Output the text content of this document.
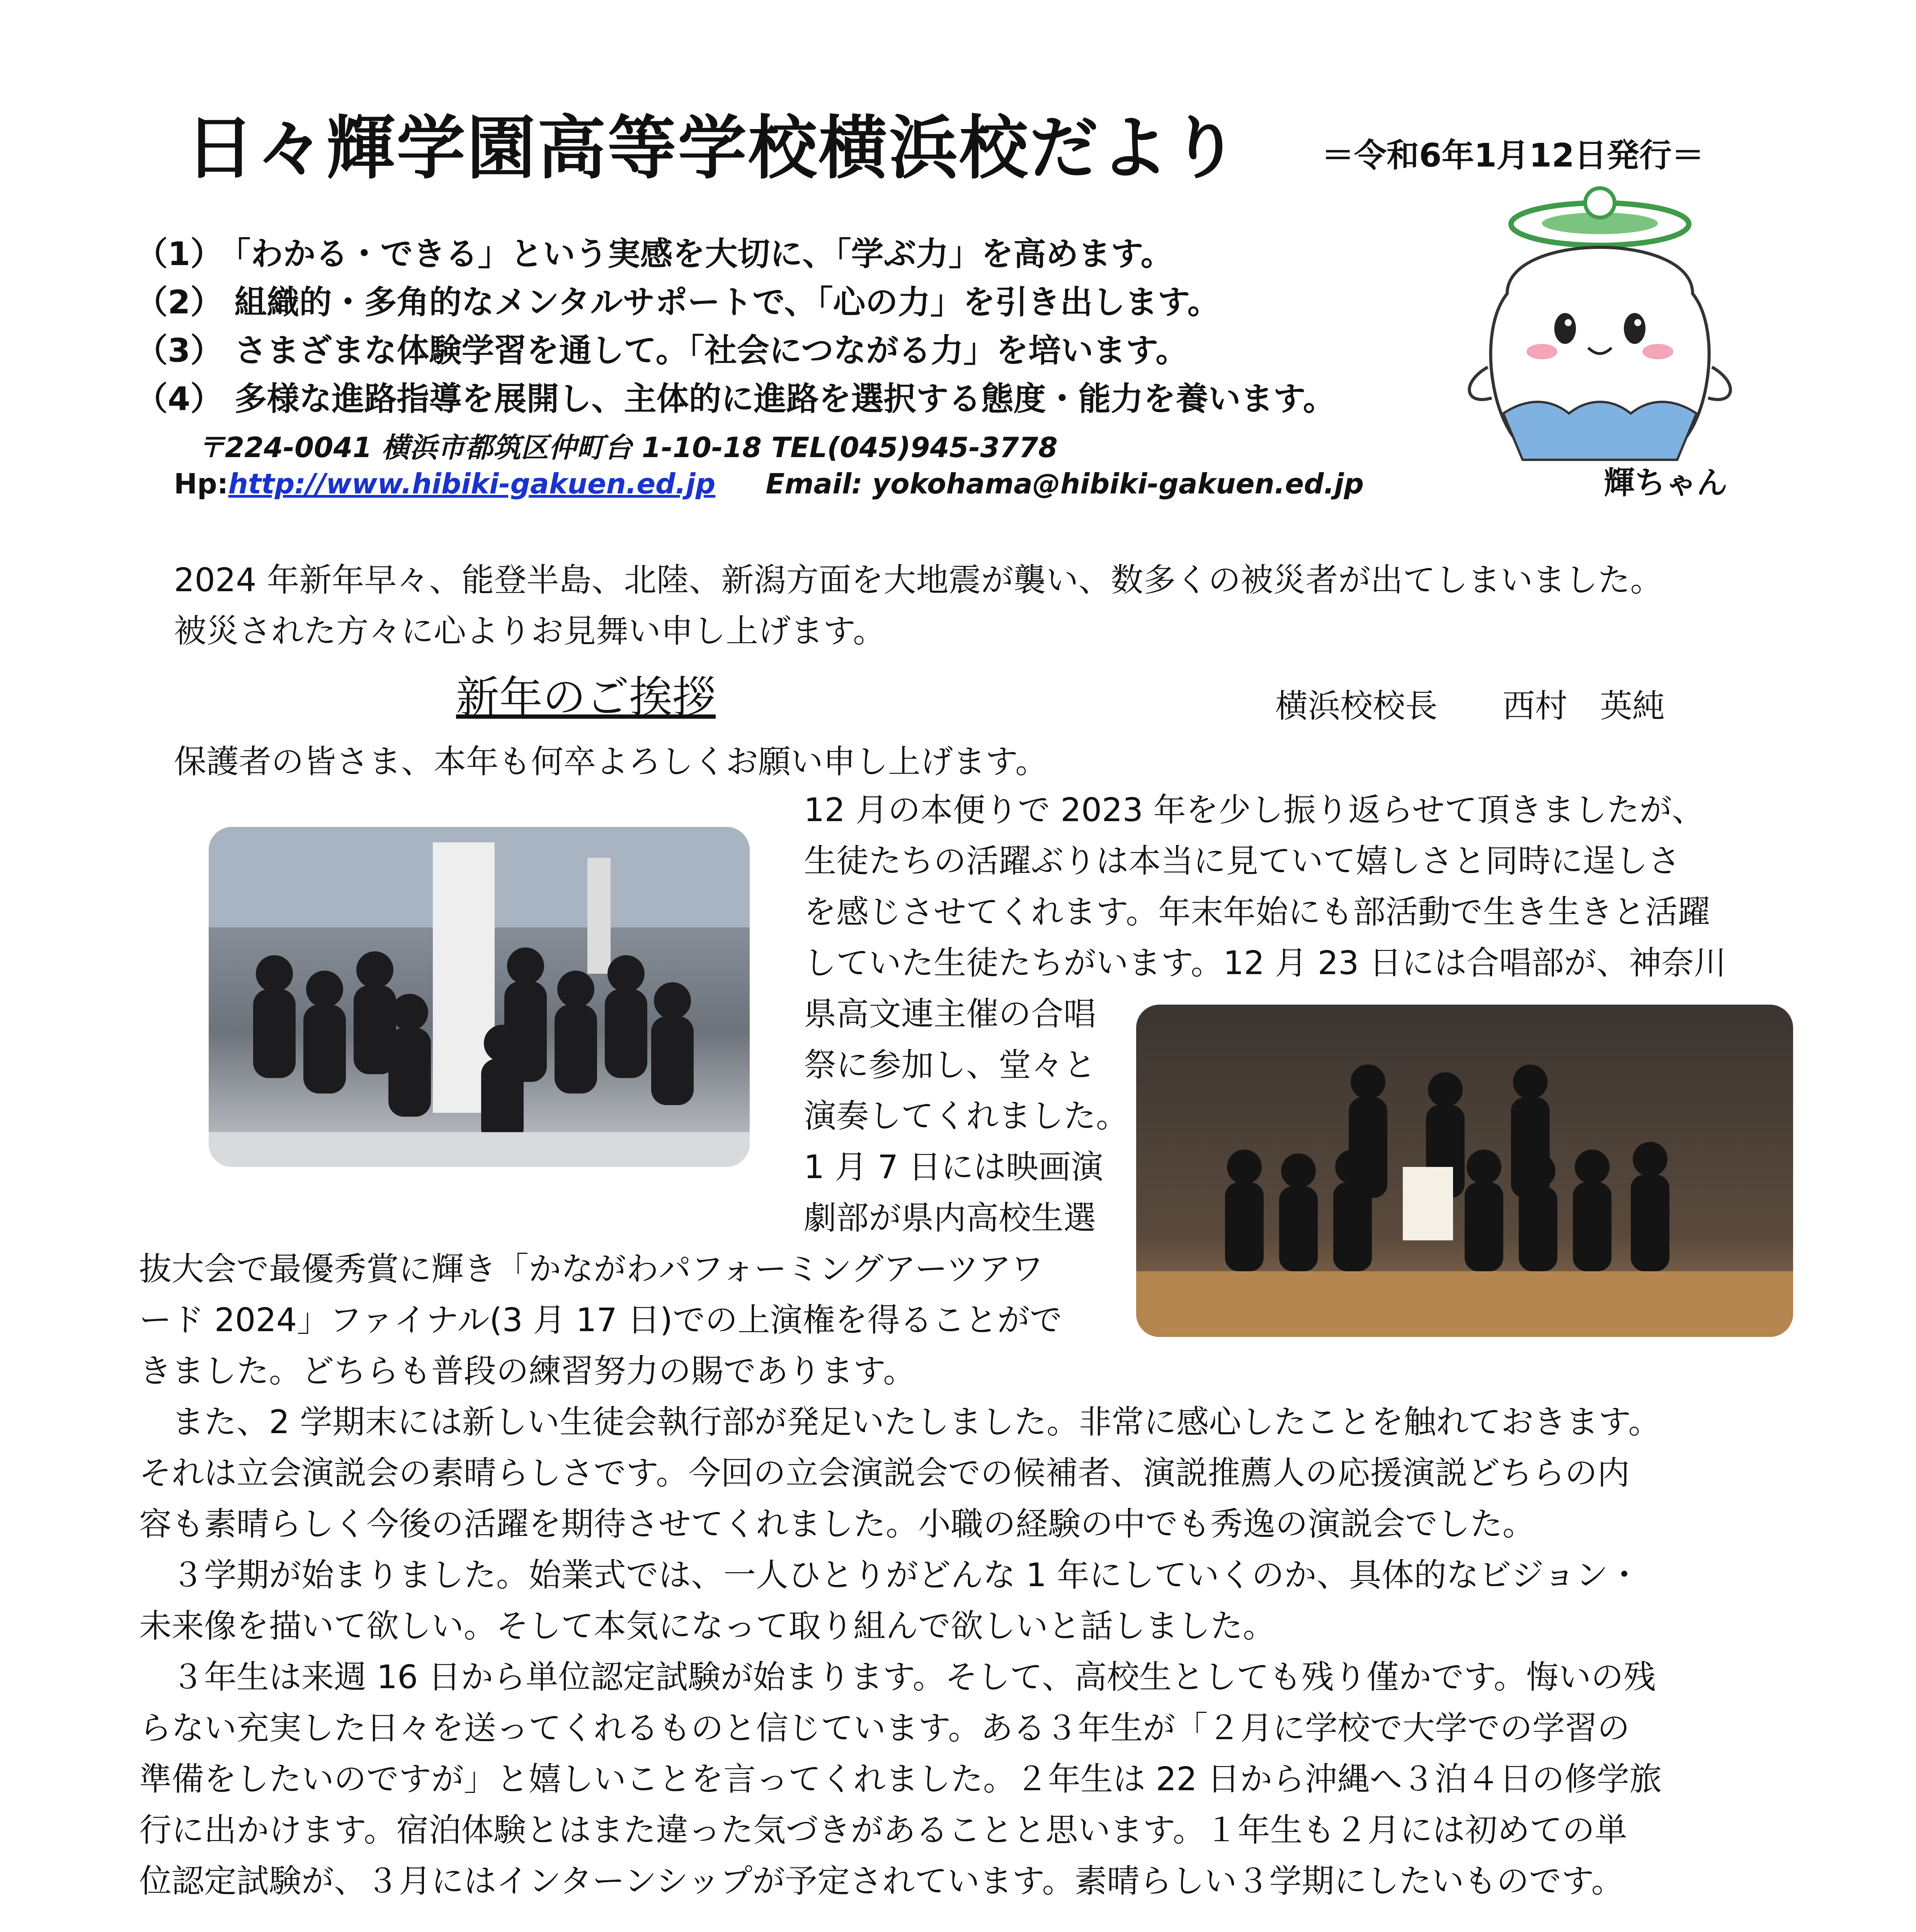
日々輝学園高等学校横浜校だより	＝令和6年1月12日発行＝
（1） 「わかる・できる」という実感を大切に、「学ぶ力」を高めます。
（2） 組織的・多角的なメンタルサポートで、「心の力」を引き出します。
（3） さまざまな体験学習を通して。「社会につながる力」を培います。
（4） 多様な進路指導を展開し、主体的に進路を選択する態度・能力を養います。
〒224-0041 横浜市都筑区仲町台 1-10-18 TEL(045)945-3778
Hp:http://www.hibiki-gakuen.ed.jp Email: yokohama@hibiki-gakuen.ed.jp	輝ちゃん
2024 年新年早々、能登半島、北陸、新潟方面を大地震が襲い、数多くの被災者が出てしまいました。
被災された方々に心よりお見舞い申し上げます。
新年のご挨拶	横浜校校長　　西村　英純
保護者の皆さま、本年も何卒よろしくお願い申し上げます。
12 月の本便りで 2023 年を少し振り返らせて頂きましたが、
生徒たちの活躍ぶりは本当に見ていて嬉しさと同時に逞しさ
を感じさせてくれます。年末年始にも部活動で生き生きと活躍
していた生徒たちがいます。12 月 23 日には合唱部が、神奈川
県高文連主催の合唱
祭に参加し、堂々と
演奏してくれました。
1 月 7 日には映画演
劇部が県内高校生選
抜大会で最優秀賞に輝き「かながわパフォーミングアーツアワ
ード 2024」ファイナル(3 月 17 日)での上演権を得ることがで
きました。どちらも普段の練習努力の賜であります。
　また、2 学期末には新しい生徒会執行部が発足いたしました。非常に感心したことを触れておきます。
それは立会演説会の素晴らしさです。今回の立会演説会での候補者、演説推薦人の応援演説どちらの内
容も素晴らしく今後の活躍を期待させてくれました。小職の経験の中でも秀逸の演説会でした。
　３学期が始まりました。始業式では、一人ひとりがどんな 1 年にしていくのか、具体的なビジョン・
未来像を描いて欲しい。そして本気になって取り組んで欲しいと話しました。
　３年生は来週 16 日から単位認定試験が始まります。そして、高校生としても残り僅かです。悔いの残
らない充実した日々を送ってくれるものと信じています。ある３年生が「２月に学校で大学での学習の
準備をしたいのですが」と嬉しいことを言ってくれました。２年生は 22 日から沖縄へ３泊４日の修学旅
行に出かけます。宿泊体験とはまた違った気づきがあることと思います。１年生も２月には初めての単
位認定試験が、３月にはインターンシップが予定されています。素晴らしい３学期にしたいものです。
